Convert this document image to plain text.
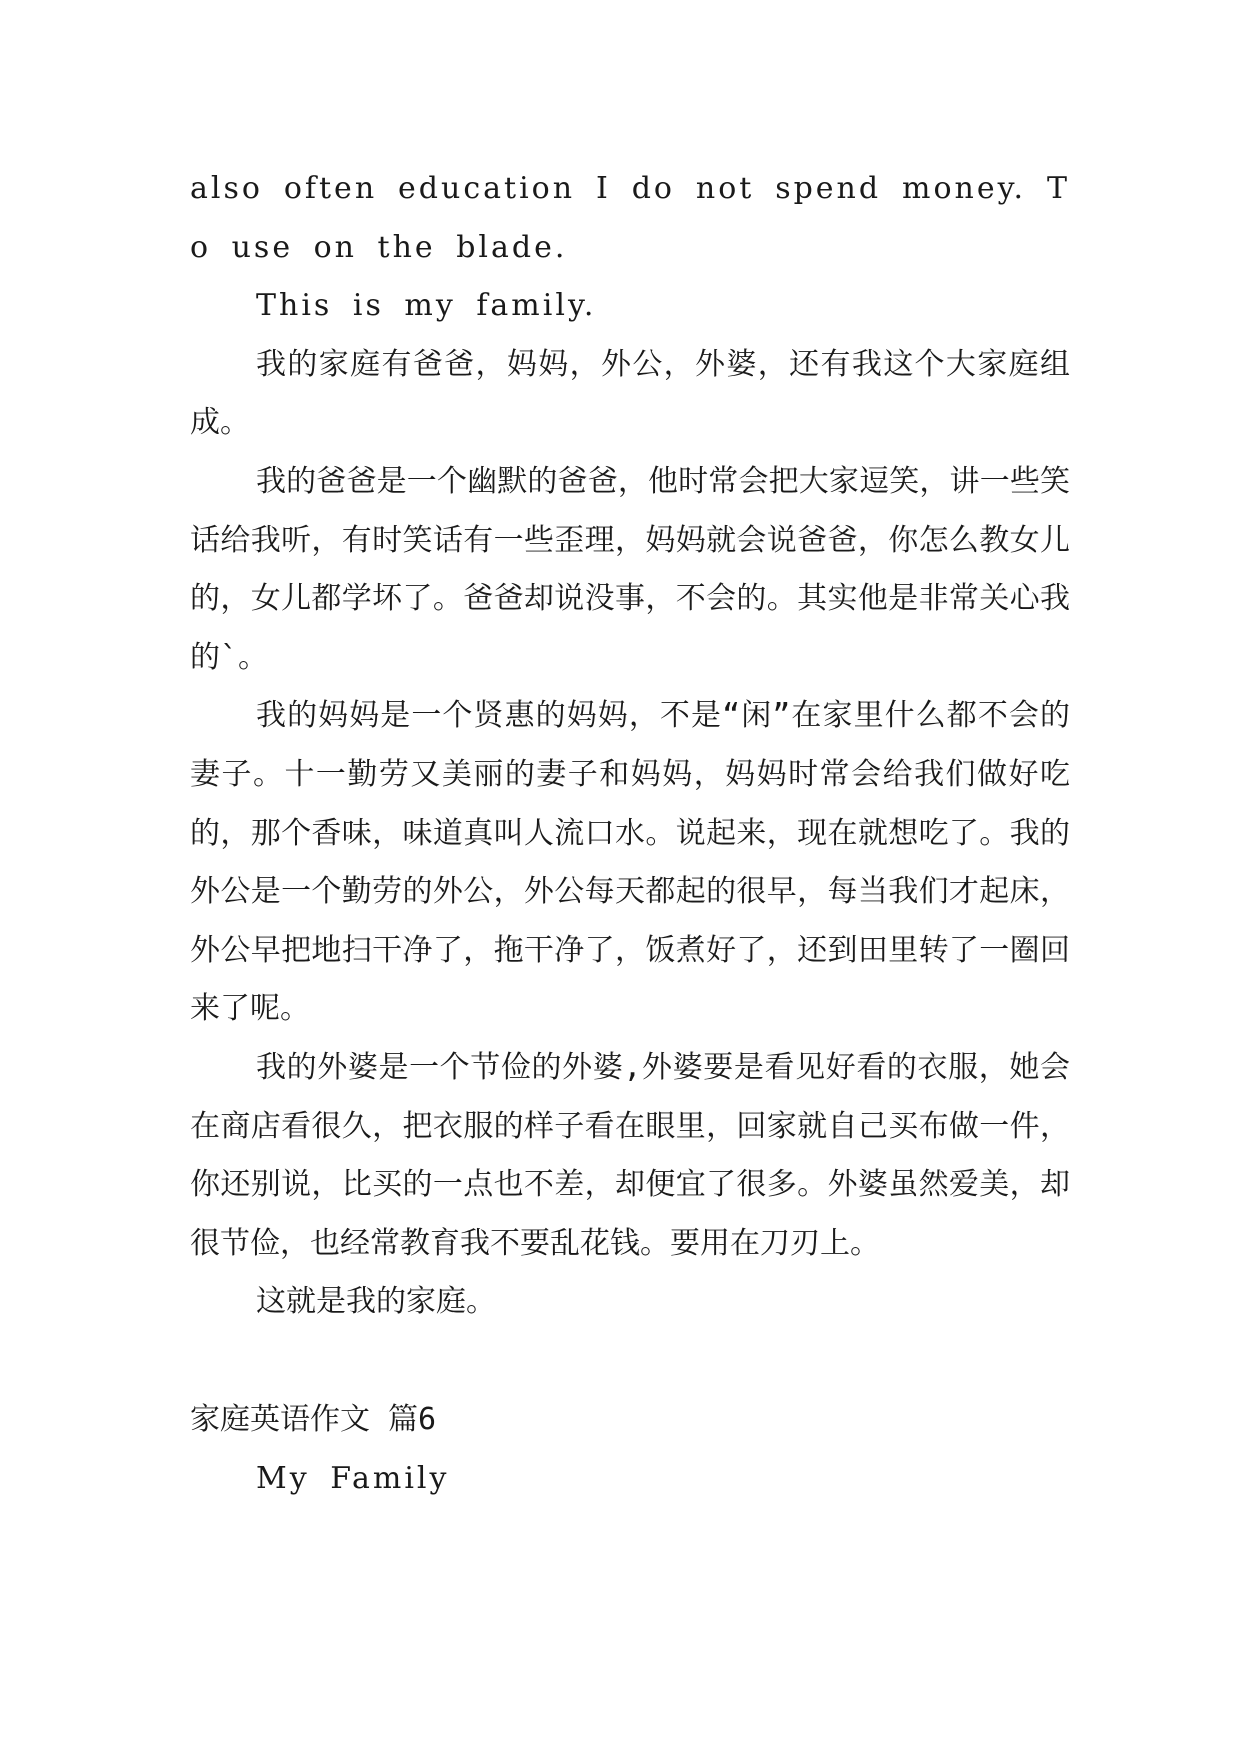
also often education I do not spend money. To use on the blade.

This is my family.

我的家庭有爸爸，妈妈，外公，外婆，还有我这个大家庭组成。

我的爸爸是一个幽默的爸爸，他时常会把大家逗笑，讲一些笑话给我听，有时笑话有一些歪理，妈妈就会说爸爸，你怎么教女儿的，女儿都学坏了。爸爸却说没事，不会的。其实他是非常关心我的`。

我的妈妈是一个贤惠的妈妈，不是“闲”在家里什么都不会的妻子。十一勤劳又美丽的妻子和妈妈，妈妈时常会给我们做好吃的，那个香味，味道真叫人流口水。说起来，现在就想吃了。我的外公是一个勤劳的外公，外公每天都起的很早，每当我们才起床，外公早把地扫干净了，拖干净了，饭煮好了，还到田里转了一圈回来了呢。

我的外婆是一个节俭的外婆,外婆要是看见好看的衣服，她会在商店看很久，把衣服的样子看在眼里，回家就自己买布做一件，你还别说，比买的一点也不差，却便宜了很多。外婆虽然爱美，却很节俭，也经常教育我不要乱花钱。要用在刀刃上。

这就是我的家庭。

家庭英语作文 篇6

My Family
